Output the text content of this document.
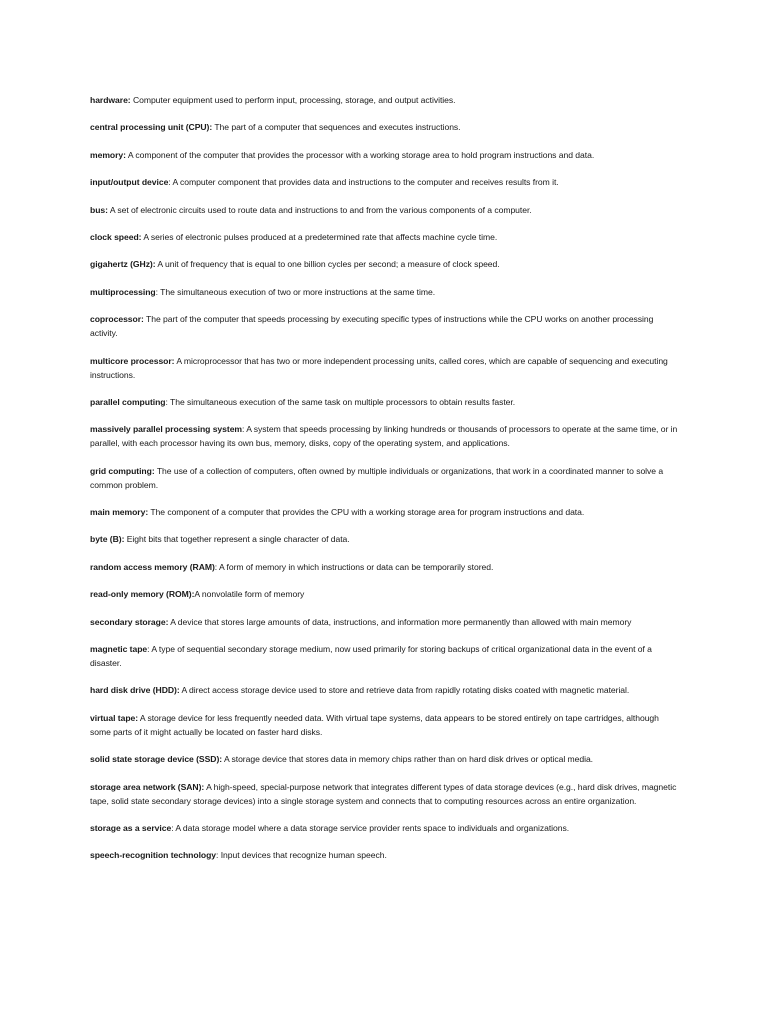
hardware: Computer equipment used to perform input, processing, storage, and output activities.

central processing unit (CPU): The part of a computer that sequences and executes instructions.

memory: A component of the computer that provides the processor with a working storage area to hold program instructions and data.

input/output device: A computer component that provides data and instructions to the computer and receives results from it.

bus: A set of electronic circuits used to route data and instructions to and from the various components of a computer.

clock speed: A series of electronic pulses produced at a predetermined rate that affects machine cycle time.

gigahertz (GHz): A unit of frequency that is equal to one billion cycles per second; a measure of clock speed.

multiprocessing: The simultaneous execution of two or more instructions at the same time.

coprocessor: The part of the computer that speeds processing by executing specific types of instructions while the CPU works on another processing activity.

multicore processor: A microprocessor that has two or more independent processing units, called cores, which are capable of sequencing and executing instructions.

parallel computing: The simultaneous execution of the same task on multiple processors to obtain results faster.

massively parallel processing system: A system that speeds processing by linking hundreds or thousands of processors to operate at the same time, or in parallel, with each processor having its own bus, memory, disks, copy of the operating system, and applications.

grid computing: The use of a collection of computers, often owned by multiple individuals or organizations, that work in a coordinated manner to solve a common problem.

main memory: The component of a computer that provides the CPU with a working storage area for program instructions and data.

byte (B): Eight bits that together represent a single character of data.

random access memory (RAM): A form of memory in which instructions or data can be temporarily stored.

read-only memory (ROM):A nonvolatile form of memory

secondary storage: A device that stores large amounts of data, instructions, and information more permanently than allowed with main memory

magnetic tape: A type of sequential secondary storage medium, now used primarily for storing backups of critical organizational data in the event of a disaster.

hard disk drive (HDD): A direct access storage device used to store and retrieve data from rapidly rotating disks coated with magnetic material.

virtual tape: A storage device for less frequently needed data. With virtual tape systems, data appears to be stored entirely on tape cartridges, although some parts of it might actually be located on faster hard disks.

solid state storage device (SSD): A storage device that stores data in memory chips rather than on hard disk drives or optical media.

storage area network (SAN): A high-speed, special-purpose network that integrates different types of data storage devices (e.g., hard disk drives, magnetic tape, solid state secondary storage devices) into a single storage system and connects that to computing resources across an entire organization.

storage as a service: A data storage model where a data storage service provider rents space to individuals and organizations.

speech-recognition technology: Input devices that recognize human speech.
